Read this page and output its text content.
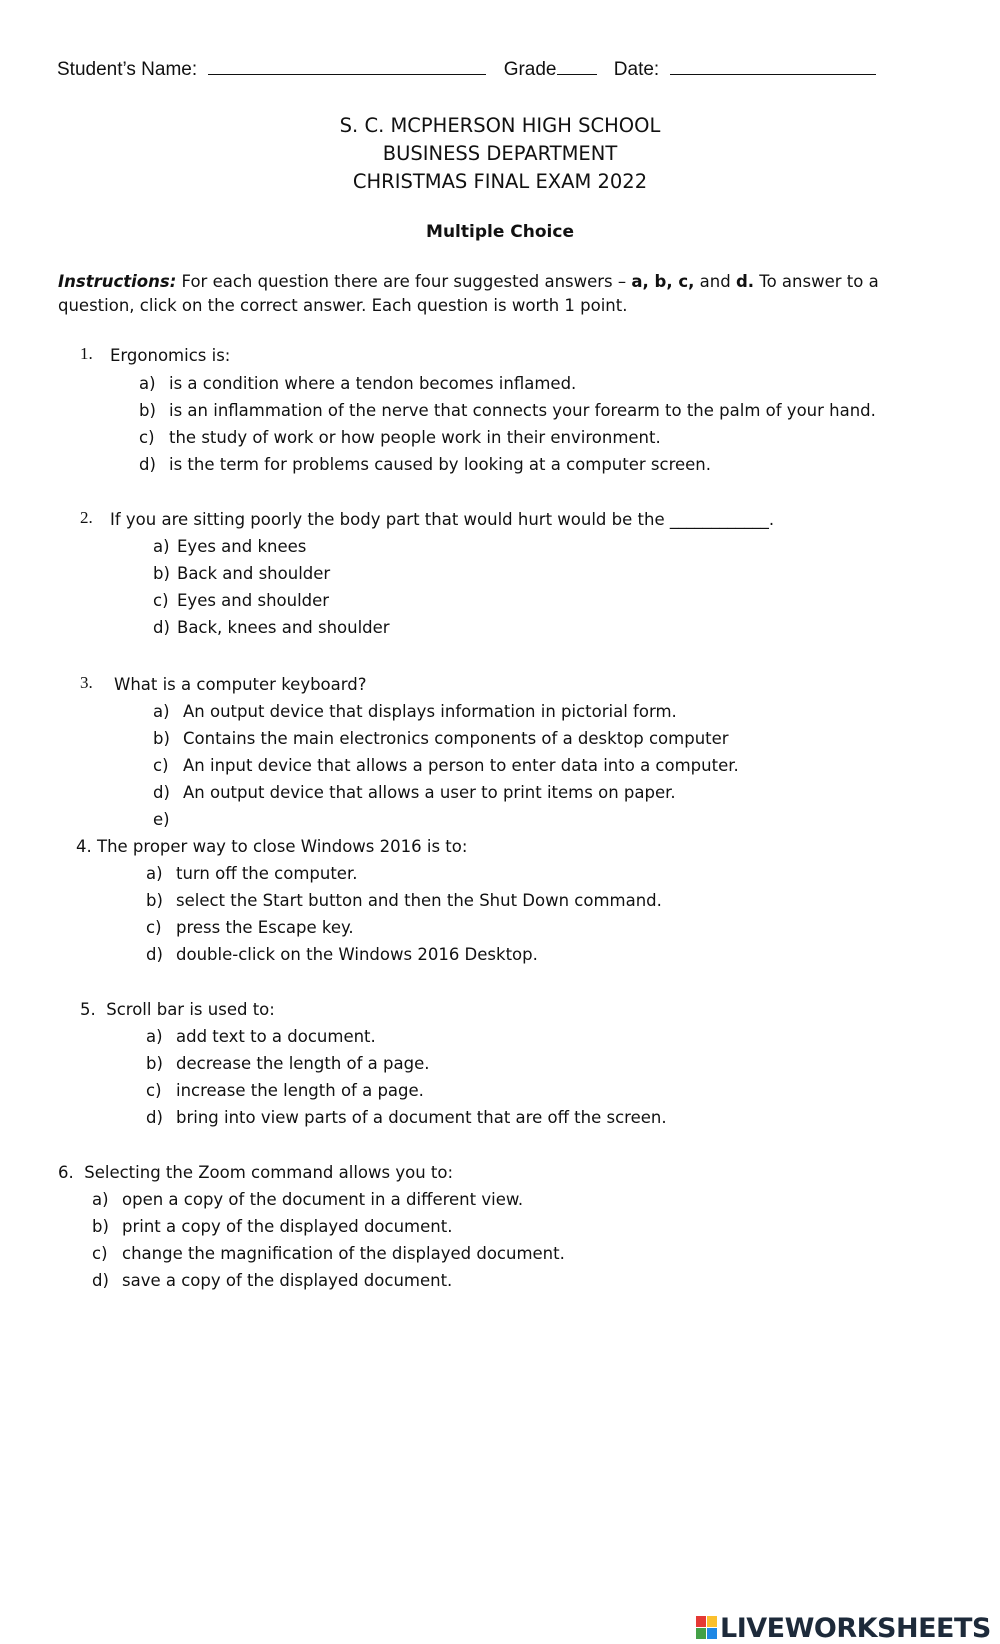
Student’s Name:	Grade	Date:
S. C. MCPHERSON HIGH SCHOOL
BUSINESS DEPARTMENT
CHRISTMAS FINAL EXAM 2022
Multiple Choice
Instructions: For each question there are four suggested answers – a, b, c, and d. To answer to a question, click on the correct answer. Each question is worth 1 point.
1. Ergonomics is:
a) is a condition where a tendon becomes inflamed.
b) is an inflammation of the nerve that connects your forearm to the palm of your hand.
c) the study of work or how people work in their environment.
d) is the term for problems caused by looking at a computer screen.
2. If you are sitting poorly the body part that would hurt would be the ____________.
a) Eyes and knees
b) Back and shoulder
c) Eyes and shoulder
d) Back, knees and shoulder
3. What is a computer keyboard?
a) An output device that displays information in pictorial form.
b) Contains the main electronics components of a desktop computer
c) An input device that allows a person to enter data into a computer.
d) An output device that allows a user to print items on paper.
e)
4. The proper way to close Windows 2016 is to:
a) turn off the computer.
b) select the Start button and then the Shut Down command.
c) press the Escape key.
d) double-click on the Windows 2016 Desktop.
5. Scroll bar is used to:
a) add text to a document.
b) decrease the length of a page.
c) increase the length of a page.
d) bring into view parts of a document that are off the screen.
6. Selecting the Zoom command allows you to:
a) open a copy of the document in a different view.
b) print a copy of the displayed document.
c) change the magnification of the displayed document.
d) save a copy of the displayed document.
LIVEWORKSHEETS
